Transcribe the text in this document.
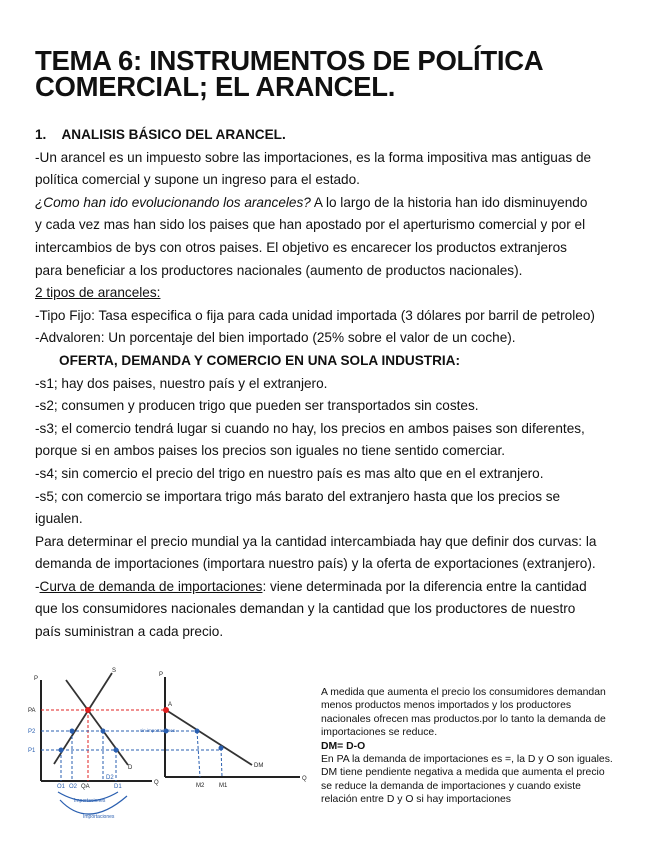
TEMA 6: INSTRUMENTOS DE POLÍTICA
COMERCIAL; EL ARANCEL.
1. ANALISIS BÁSICO DEL ARANCEL.
-Un arancel es un impuesto sobre las importaciones, es la forma impositiva mas antiguas de
política comercial y supone un ingreso para el estado.
¿Como han ido evolucionando los aranceles? A lo largo de la historia han ido disminuyendo
y cada vez mas han sido los paises que han apostado por el aperturismo comercial y por el
intercambios de bys con otros paises. El objetivo es encarecer los productos extranjeros
para beneficiar a los productores nacionales (aumento de productos nacionales).
2 tipos de aranceles:
-Tipo Fijo: Tasa especifica o fija para cada unidad importada (3 dólares por barril de petroleo)
-Advaloren: Un porcentaje del bien importado (25% sobre el valor de un coche).
OFERTA, DEMANDA Y COMERCIO EN UNA SOLA INDUSTRIA:
-s1; hay dos paises, nuestro país y el extranjero.
-s2; consumen y producen trigo que pueden ser transportados sin costes.
-s3; el comercio tendrá lugar si cuando no hay, los precios en ambos paises son diferentes,
porque si en ambos paises los precios son iguales no tiene sentido comerciar.
-s4; sin comercio el precio del trigo en nuestro país es mas alto que en el extranjero.
-s5; con comercio se importara trigo más barato del extranjero hasta que los precios se
igualen.
Para determinar el precio mundial ya la cantidad intercambiada hay que definir dos curvas: la
demanda de importaciones (importara nuestro país) y la oferta de exportaciones (extranjero).
-Curva de demanda de importaciones: viene determinada por la diferencia entre la cantidad
que los consumidores nacionales demandan y la cantidad que los productores de nuestro
país suministran a cada precio.
P
S
D
Q
P
A
DM
Q
M2 M1
QA
PA
P2
P1
O1 O2
D2
D1
Importaciones
Importaciones
sin importaciones
A medida que aumenta el precio los consumidores demandan
menos productos menos importados y los productores
nacionales ofrecen mas productos.por lo tanto la demanda de
importaciones se reduce.
DM= D-O
En PA la demanda de importaciones es =, la D y O son iguales.
DM tiene pendiente negativa a medida que aumenta el precio
se reduce la demanda de importaciones y cuando existe
relación entre D y O si hay importaciones
